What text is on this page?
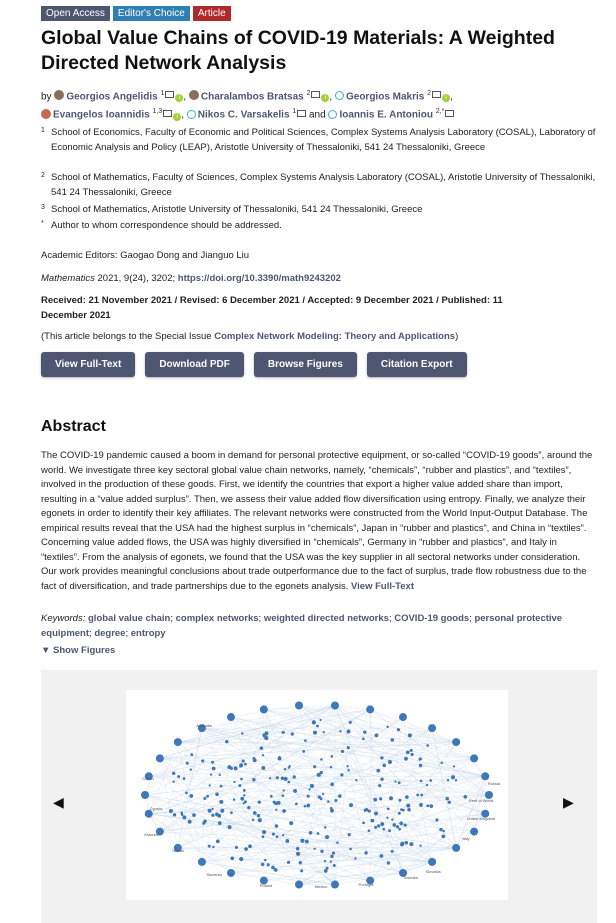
Open Access	Editor's Choice	Article
Global Value Chains of COVID-19 Materials: A Weighted Directed Network Analysis
by Georgios Angelidis $^1$i , Charalambos Bratsas $^2$i , Georgios Makris $^2$i ,
Evangelos Ioannidis $^{1,3}$i , Nikos C. Varsakelis $^1$ and Ioannis E. Antoniou $^{2,*}$
1 School of Economics, Faculty of Economic and Political Sciences, Complex Systems Analysis Laboratory (COSAL), Laboratory of Economic Analysis and Policy (LEAP), Aristotle University of Thessaloniki, 541 24 Thessaloniki, Greece
2 School of Mathematics, Faculty of Sciences, Complex Systems Analysis Laboratory (COSAL), Aristotle University of Thessaloniki, 541 24 Thessaloniki, Greece
3 School of Mathematics, Aristotle University of Thessaloniki, 541 24 Thessaloniki, Greece
* Author to whom correspondence should be addressed.
Academic Editors: Gaogao Dong and Jianguo Liu
Mathematics 2021, 9(24), 3202; https://doi.org/10.3390/math9243202
Received: 21 November 2021 / Revised: 6 December 2021 / Accepted: 9 December 2021 / Published: 11 December 2021
(This article belongs to the Special Issue Complex Network Modeling: Theory and Applications)
View Full-Text	Download PDF	Browse Figures	Citation Export
Abstract
The COVID-19 pandemic caused a boom in demand for personal protective equipment, or so-called “COVID-19 goods”, around the world. We investigate three key sectoral global value chain networks, namely, “chemicals”, “rubber and plastics”, and “textiles”, involved in the production of these goods. First, we identify the countries that export a higher value added share than import, resulting in a “value added surplus”. Then, we assess their value added flow diversification using entropy. Finally, we analyze their egonets in order to identify their key affiliates. The relevant networks were constructed from the World Input-Output Database. The empirical results reveal that the USA had the highest surplus in “chemicals”, Japan in “rubber and plastics”, and China in “textiles”. Concerning value added flows, the USA was highly diversified in “chemicals”, Germany in “rubber and plastics”, and Italy in “textiles”. From the analysis of egonets, we found that the USA was the key supplier in all sectoral networks under consideration. Our work provides meaningful conclusions about trade outperformance due to the fact of surplus, trade flow robustness due to the fact of diversification, and trade partnerships due to the egonets analysis. View Full-Text
Keywords: global value chain; complex networks; weighted directed networks; COVID-19 goods; personal protective equipment; degree; entropy
▼ Show Figures
◀
Australia
Russia
Czech
Estonia
Taiwan
Slovenia
Poland	Mexico	Portugal
Sweden
Slovakia
Italy
United Kingdom
Cyprus
Rest of World	▶
